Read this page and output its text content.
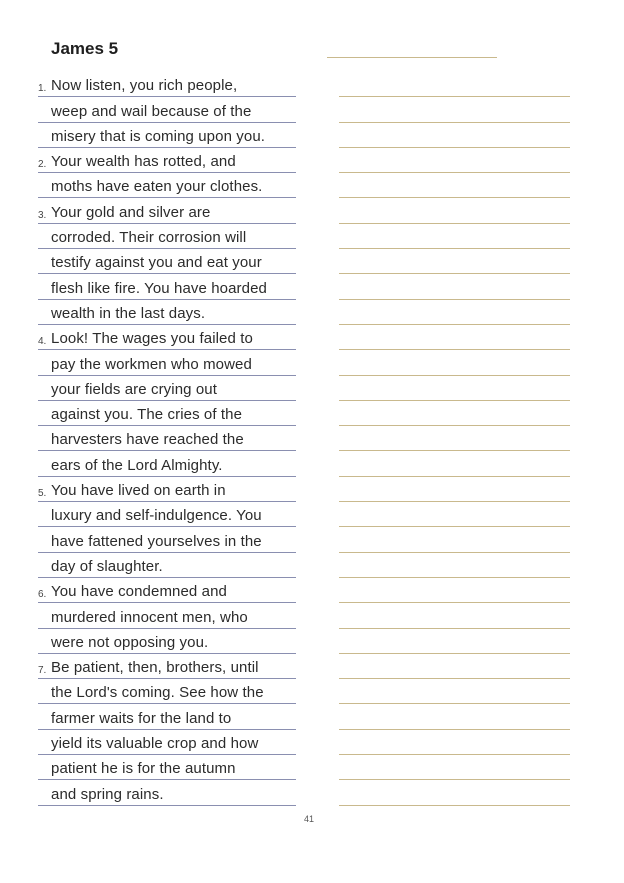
James 5
1. Now listen, you rich people,
weep and wail because of the
misery that is coming upon you.
2. Your wealth has rotted, and
moths have eaten your clothes.
3. Your gold and silver are
corroded. Their corrosion will
testify against you and eat your
flesh like fire. You have hoarded
wealth in the last days.
4. Look! The wages you failed to
pay the workmen who mowed
your fields are crying out
against you. The cries of the
harvesters have reached the
ears of the Lord Almighty.
5. You have lived on earth in
luxury and self-indulgence. You
have fattened yourselves in the
day of slaughter.
6. You have condemned and
murdered innocent men, who
were not opposing you.
7. Be patient, then, brothers, until
the Lord's coming. See how the
farmer waits for the land to
yield its valuable crop and how
patient he is for the autumn
and spring rains.
41
